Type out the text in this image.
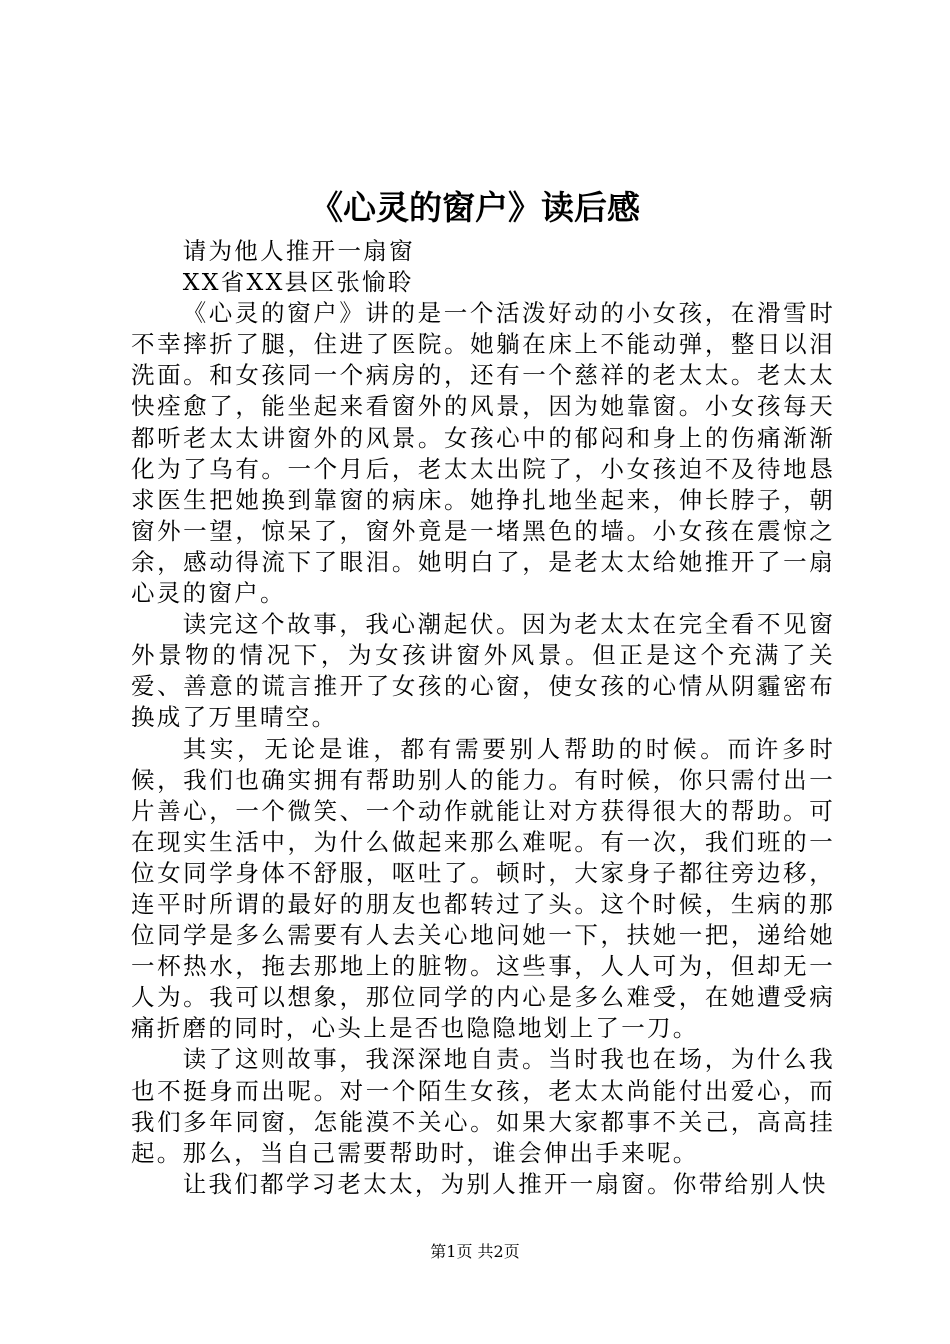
《心灵的窗户》读后感

请为他人推开一扇窗

XX省XX县区张愉聆

《心灵的窗户》讲的是一个活泼好动的小女孩，在滑雪时不幸摔折了腿，住进了医院。她躺在床上不能动弹，整日以泪洗面。和女孩同一个病房的，还有一个慈祥的老太太。老太太快痊愈了，能坐起来看窗外的风景，因为她靠窗。小女孩每天都听老太太讲窗外的风景。女孩心中的郁闷和身上的伤痛渐渐化为了乌有。一个月后，老太太出院了，小女孩迫不及待地恳求医生把她换到靠窗的病床。她挣扎地坐起来，伸长脖子，朝窗外一望，惊呆了，窗外竟是一堵黑色的墙。小女孩在震惊之余，感动得流下了眼泪。她明白了，是老太太给她推开了一扇心灵的窗户。

读完这个故事，我心潮起伏。因为老太太在完全看不见窗外景物的情况下，为女孩讲窗外风景。但正是这个充满了关爱、善意的谎言推开了女孩的心窗，使女孩的心情从阴霾密布换成了万里晴空。

其实，无论是谁，都有需要别人帮助的时候。而许多时候，我们也确实拥有帮助别人的能力。有时候，你只需付出一片善心，一个微笑、一个动作就能让对方获得很大的帮助。可在现实生活中，为什么做起来那么难呢。有一次，我们班的一位女同学身体不舒服，呕吐了。顿时，大家身子都往旁边移，连平时所谓的最好的朋友也都转过了头。这个时候，生病的那位同学是多么需要有人去关心地问她一下，扶她一把，递给她一杯热水，拖去那地上的脏物。这些事，人人可为，但却无一人为。我可以想象，那位同学的内心是多么难受，在她遭受病痛折磨的同时，心头上是否也隐隐地划上了一刀。

读了这则故事，我深深地自责。当时我也在场，为什么我也不挺身而出呢。对一个陌生女孩，老太太尚能付出爱心，而我们多年同窗，怎能漠不关心。如果大家都事不关己，高高挂起。那么，当自己需要帮助时，谁会伸出手来呢。

让我们都学习老太太，为别人推开一扇窗。你带给别人快

第1页 共2页
